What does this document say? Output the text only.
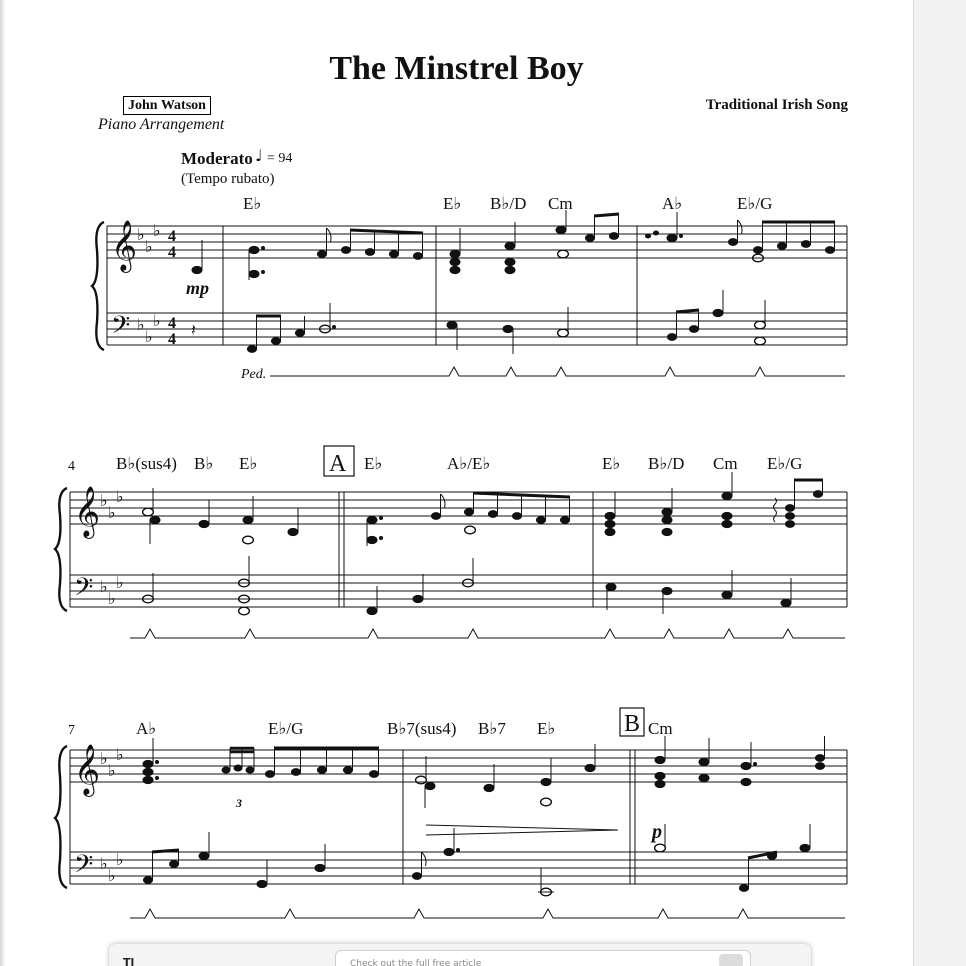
The Minstrel Boy
John Watson
Piano Arrangement
Traditional Irish Song
Moderato ♩ = 94
(Tempo rubato)
𝄞
𝄢
♭
♭
♭
♭
♭
♭
4
4
4
4
E♭	E♭ B♭/D Cm	A♭	E♭/G
mp
𝄽
Ped.
4
𝄞
𝄢
♭
♭
♭
♭
♭
♭
A
B♭(sus4) B♭ E♭	E♭	A♭/E♭	E♭ B♭/D Cm E♭/G
7
𝄞
𝄢
♭
♭
♭
♭
♭
♭
B
A♭	E♭/G	B♭7(sus4) B♭7 E♭	Cm
3
p
Tl	Check out the full free article
